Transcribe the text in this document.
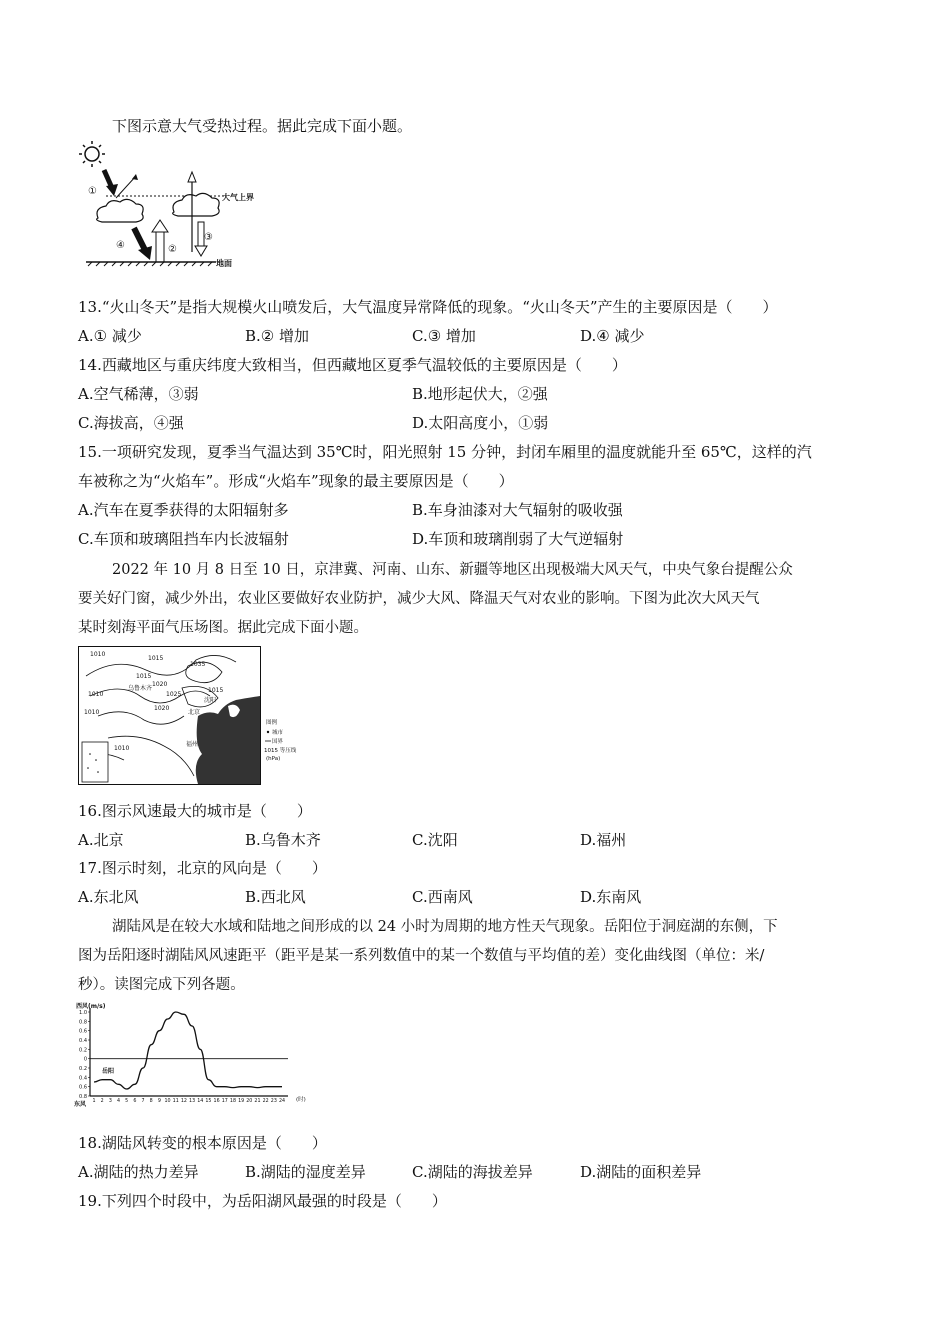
下图示意大气受热过程。据此完成下面小题。
大气上界
①
④	②
③
地面
13.“火山冬天”是指大规模火山喷发后，大气温度异常降低的现象。“火山冬天”产生的主要原因是（　　）
A.① 减少	B.② 增加	C.③ 增加	D.④ 减少
14.西藏地区与重庆纬度大致相当，但西藏地区夏季气温较低的主要原因是（　　）
A.空气稀薄，③弱	B.地形起伏大，②强
C.海拔高，④强	D.太阳高度小，①弱
15.一项研究发现，夏季当气温达到 35℃时，阳光照射 15 分钟，封闭车厢里的温度就能升至 65℃，这样的汽
车被称之为“火焰车”。形成“火焰车”现象的最主要原因是（　　）
A.汽车在夏季获得的太阳辐射多	B.车身油漆对大气辐射的吸收强
C.车顶和玻璃阻挡车内长波辐射	D.车顶和玻璃削弱了大气逆辐射
2022 年 10 月 8 日至 10 日，京津冀、河南、山东、新疆等地区出现极端大风天气，中央气象台提醒公众
要关好门窗，减少外出，农业区要做好农业防护，减少大风、降温天气对农业的影响。下图为此次大风天气
某时刻海平面气压场图。据此完成下面小题。
1010
1015
1015
1020
1025
1035
1015
1010
1010
1020
1010
乌鲁木齐
沈阳
北京
福州
图例
城市
国界
1015 等压线
(hPa)
16.图示风速最大的城市是（　　）
A.北京	B.乌鲁木齐	C.沈阳	D.福州
17.图示时刻，北京的风向是（　　）
A.东北风	B.西北风	C.西南风	D.东南风
湖陆风是在较大水域和陆地之间形成的以 24 小时为周期的地方性天气现象。岳阳位于洞庭湖的东侧，下
图为岳阳逐时湖陆风风速距平（距平是某一系列数值中的某一个数值与平均值的差）变化曲线图（单位：米/
秒）。读图完成下列各题。
西风(m/s)
东风
岳阳
(时)
1.0
0.8
0.6
0.4
0.2
0
0.2
0.4
0.6
0.8
1 2 3 4 5 6 7 8 9 10 11 12 13 14 15 16 17 18 19 20 21 22 23 24
18.湖陆风转变的根本原因是（　　）
A.湖陆的热力差异	B.湖陆的湿度差异	C.湖陆的海拔差异	D.湖陆的面积差异
19.下列四个时段中，为岳阳湖风最强的时段是（　　）
